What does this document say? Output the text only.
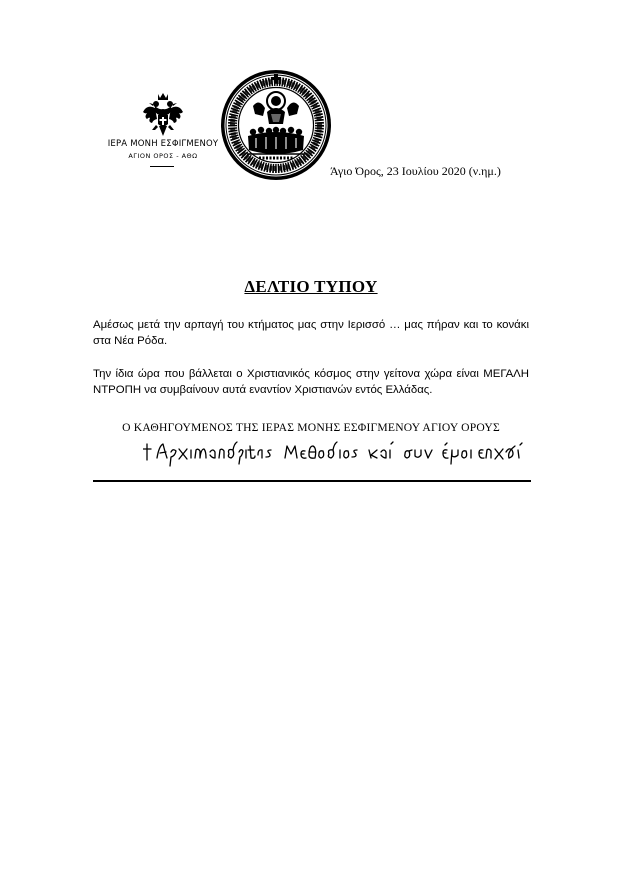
ΙΕΡΑ ΜΟΝΗ ΕΣΦΙΓΜΕΝΟΥ
ΑΓΙΟΝ ΟΡΟΣ - ΑΘΩ
Άγιο Όρος, 23 Ιουλίου 2020 (ν.ημ.)
ΔΕΛΤΙΟ ΤΥΠΟΥ
Αμέσως μετά την αρπαγή του κτήματος μας στην Ιερισσό … μας πήραν και το κονάκι στα Νέα Ρόδα.
Την ίδια ώρα που βάλλεται ο Χριστιανικός κόσμος στην γείτονα χώρα είναι ΜΕΓΑΛΗ ΝΤΡΟΠΗ να συμβαίνουν αυτά εναντίον Χριστιανών εντός Ελλάδας.
Ο ΚΑΘΗΓΟΥΜΕΝΟΣ ΤΗΣ ΙΕΡΑΣ ΜΟΝΗΣ ΕΣΦΙΓΜΕΝΟΥ ΑΓΙΟΥ ΟΡΟΥΣ
